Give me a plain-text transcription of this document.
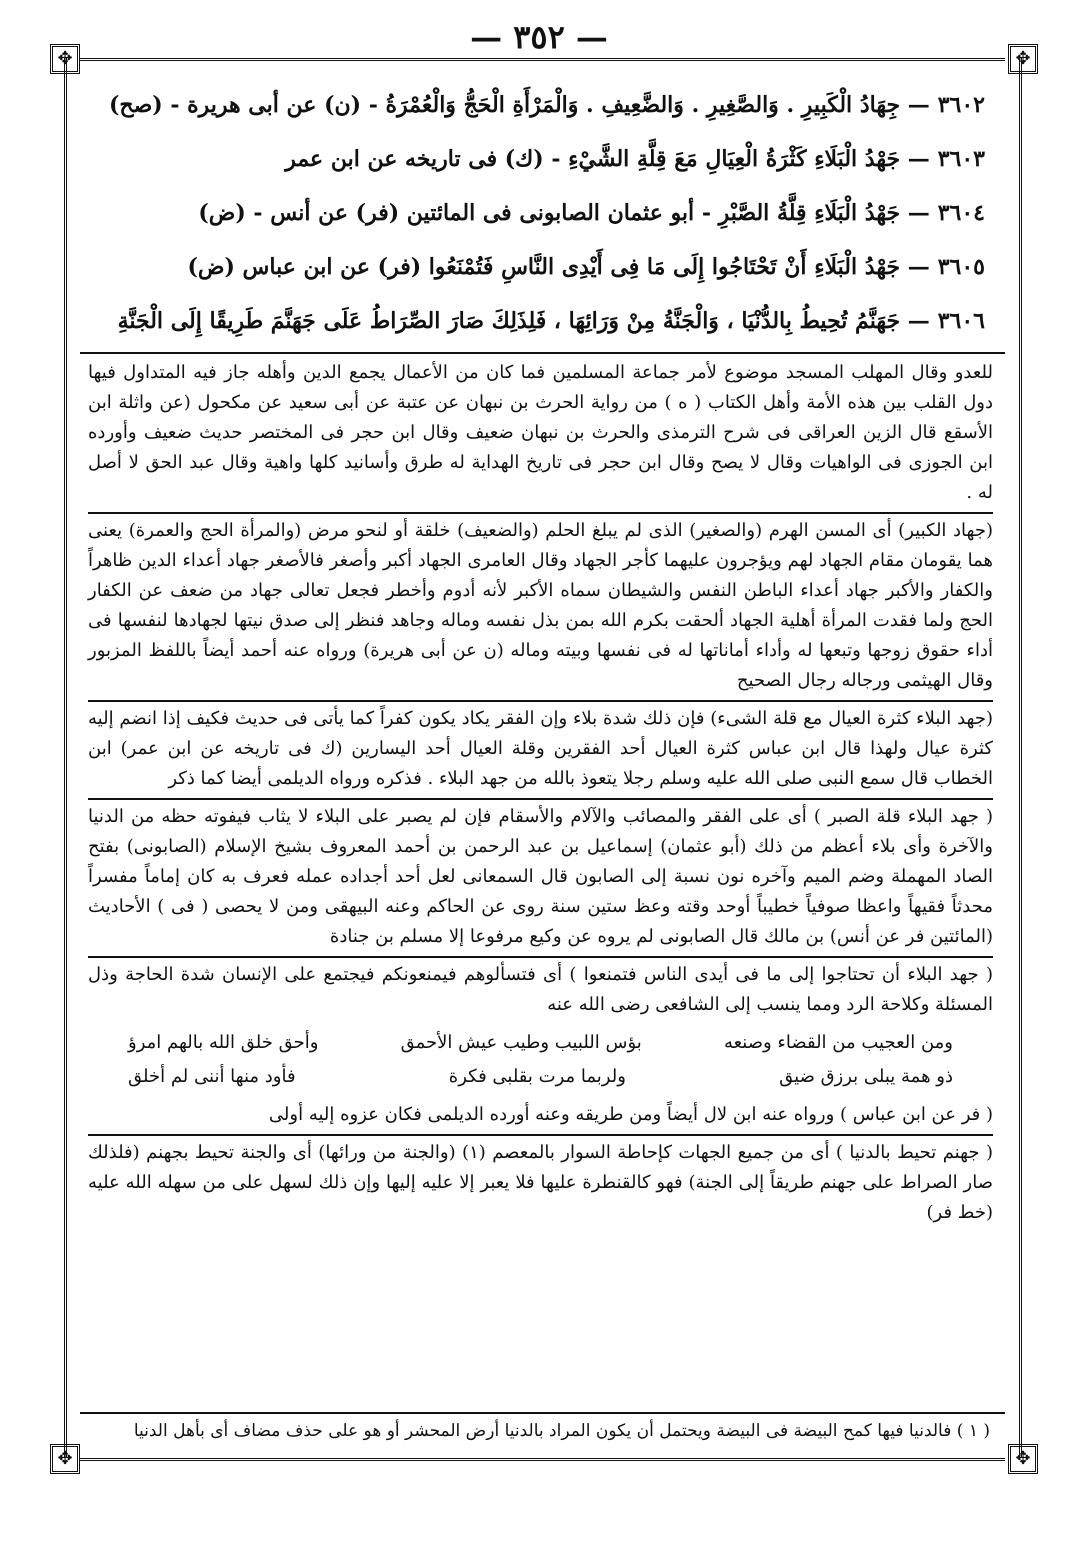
— ٣٥٢ —
✥	✥
✥	✥
٣٦٠٢— جِهَادُ الْكَبِيرِ . وَالصَّغِيرِ . وَالضَّعِيفِ . وَالْمَرْأَةِ الْحَجُّ وَالْعُمْرَةُ - (ن) عن أبى هريرة - (صح)
٣٦٠٣— جَهْدُ الْبَلَاءِ كَثْرَةُ الْعِيَالِ مَعَ قِلَّةِ الشَّيْءِ - (ك) فى تاريخه عن ابن عمر
٣٦٠٤— جَهْدُ الْبَلَاءِ قِلَّةُ الصَّبْرِ - أبو عثمان الصابونى فى المائتين (فر) عن أنس - (ض)
٣٦٠٥— جَهْدُ الْبَلَاءِ أَنْ تَحْتَاجُوا إِلَى مَا فِى أَيْدِى النَّاسِ فَتُمْنَعُوا (فر) عن ابن عباس (ض)
٣٦٠٦— جَهَنَّمُ تُحِيطُ بِالدُّنْيَا ، وَالْجَنَّةُ مِنْ وَرَائِهَا ، فَلِذَلِكَ صَارَ الصِّرَاطُ عَلَى جَهَنَّمَ طَرِيقًا إِلَى الْجَنَّةِ

للعدو وقال المهلب المسجد موضوع لأمر جماعة المسلمين فما كان من الأعمال يجمع الدين وأهله جاز فيه المتداول فيها دول القلب بين هذه الأمة وأهل الكتاب ( ه ) من رواية الحرث بن نبهان عن عتبة عن أبى سعيد عن مكحول (عن واثلة ابن الأسقع قال الزين العراقى فى شرح الترمذى والحرث بن نبهان ضعيف وقال ابن حجر فى المختصر حديث ضعيف وأورده ابن الجوزى فى الواهيات وقال لا يصح وقال ابن حجر فى تاريخ الهداية له طرق وأسانيد كلها واهية وقال عبد الحق لا أصل له .

(جهاد الكبير) أى المسن الهرم (والصغير) الذى لم يبلغ الحلم (والضعيف) خلقة أو لنحو مرض (والمرأة الحج والعمرة) يعنى هما يقومان مقام الجهاد لهم ويؤجرون عليهما كأجر الجهاد وقال العامرى الجهاد أكبر وأصغر فالأصغر جهاد أعداء الدين ظاهراً والكفار والأكبر جهاد أعداء الباطن النفس والشيطان سماه الأكبر لأنه أدوم وأخطر فجعل تعالى جهاد من ضعف عن الكفار الحج ولما فقدت المرأة أهلية الجهاد ألحقت بكرم الله بمن بذل نفسه وماله وجاهد فنظر إلى صدق نيتها لجهادها لنفسها فى أداء حقوق زوجها وتبعها له وأداء أماناتها له فى نفسها وبيته وماله (ن عن أبى هريرة) ورواه عنه أحمد أيضاً باللفظ المزبور وقال الهيثمى ورجاله رجال الصحيح

(جهد البلاء كثرة العيال مع قلة الشىء) فإن ذلك شدة بلاء وإن الفقر يكاد يكون كفراً كما يأتى فى حديث فكيف إذا انضم إليه كثرة عيال ولهذا قال ابن عباس كثرة العيال أحد الفقرين وقلة العيال أحد اليسارين (ك فى تاريخه عن ابن عمر) ابن الخطاب قال سمع النبى صلى الله عليه وسلم رجلا يتعوذ بالله من جهد البلاء . فذكره ورواه الديلمى أيضا كما ذكر

( جهد البلاء قلة الصبر ) أى على الفقر والمصائب والآلام والأسقام فإن لم يصبر على البلاء لا يثاب فيفوته حظه من الدنيا والآخرة وأى بلاء أعظم من ذلك (أبو عثمان) إسماعيل بن عبد الرحمن بن أحمد المعروف بشيخ الإسلام (الصابونى) بفتح الصاد المهملة وضم الميم وآخره نون نسبة إلى الصابون قال السمعانى لعل أحد أجداده عمله فعرف به كان إماماً مفسراً محدثاً فقيهاً واعظا صوفياً خطيباً أوحد وقته وعظ ستين سنة روى عن الحاكم وعنه البيهقى ومن لا يحصى ( فى ) الأحاديث (المائتين فر عن أنس) بن مالك قال الصابونى لم يروه عن وكيع مرفوعا إلا مسلم بن جنادة

( جهد البلاء أن تحتاجوا إلى ما فى أيدى الناس فتمنعوا ) أى فتسألوهم فيمنعونكم فيجتمع على الإنسان شدة الحاجة وذل المسئلة وكلاحة الرد ومما ينسب إلى الشافعى رضى الله عنه

ومن العجيب من القضاء وصنعه
بؤس اللبيب وطيب عيش الأحمق
وأحق خلق الله بالهم امرؤ
ذو همة يبلى برزق ضيق
ولربما مرت بقلبى فكرة
فأود منها أننى لم أخلق

( فر عن ابن عباس ) ورواه عنه ابن لال أيضاً ومن طريقه وعنه أورده الديلمى فكان عزوه إليه أولى

( جهنم تحيط بالدنيا ) أى من جميع الجهات كإحاطة السوار بالمعصم (١) (والجنة من ورائها) أى والجنة تحيط بجهنم (فلذلك صار الصراط على جهنم طريقاً إلى الجنة) فهو كالقنطرة عليها فلا يعبر إلا عليه إليها وإن ذلك لسهل على من سهله الله عليه (خط فر)

( ١ ) فالدنيا فيها كمح البيضة فى البيضة ويحتمل أن يكون المراد بالدنيا أرض المحشر أو هو على حذف مضاف أى بأهل الدنيا
